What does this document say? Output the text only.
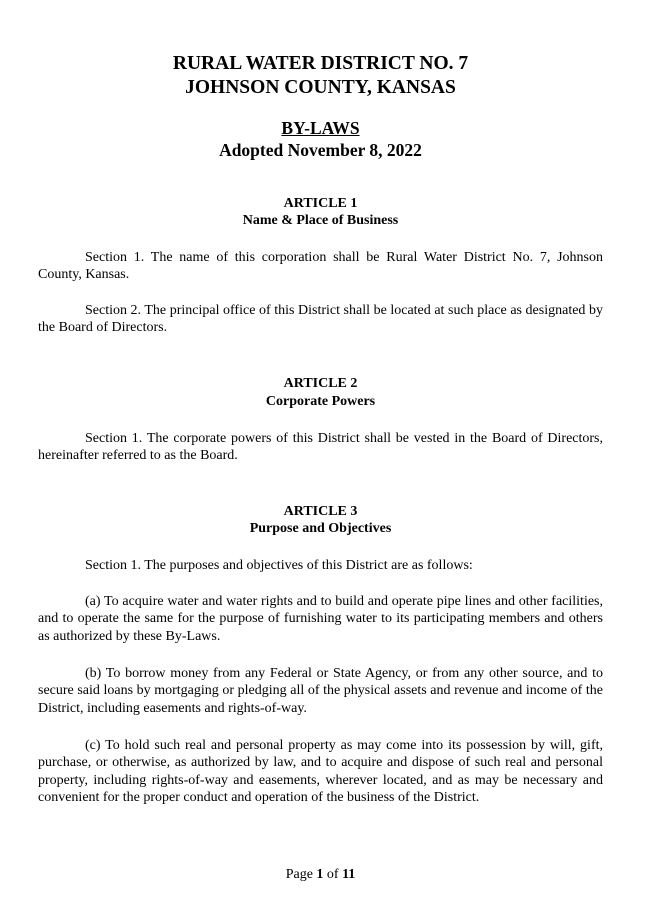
RURAL WATER DISTRICT NO. 7
JOHNSON COUNTY, KANSAS
BY-LAWS
Adopted November 8, 2022
ARTICLE 1
Name & Place of Business

Section 1. The name of this corporation shall be Rural Water District No. 7, Johnson County, Kansas.

Section 2. The principal office of this District shall be located at such place as designated by the Board of Directors.

ARTICLE 2
Corporate Powers

Section 1. The corporate powers of this District shall be vested in the Board of Directors, hereinafter referred to as the Board.

ARTICLE 3
Purpose and Objectives

Section 1. The purposes and objectives of this District are as follows:

(a) To acquire water and water rights and to build and operate pipe lines and other facilities, and to operate the same for the purpose of furnishing water to its participating members and others as authorized by these By-Laws.

(b) To borrow money from any Federal or State Agency, or from any other source, and to secure said loans by mortgaging or pledging all of the physical assets and revenue and income of the District, including easements and rights-of-way.

(c) To hold such real and personal property as may come into its possession by will, gift, purchase, or otherwise, as authorized by law, and to acquire and dispose of such real and personal property, including rights-of-way and easements, wherever located, and as may be necessary and convenient for the proper conduct and operation of the business of the District.

Page 1 of 11
